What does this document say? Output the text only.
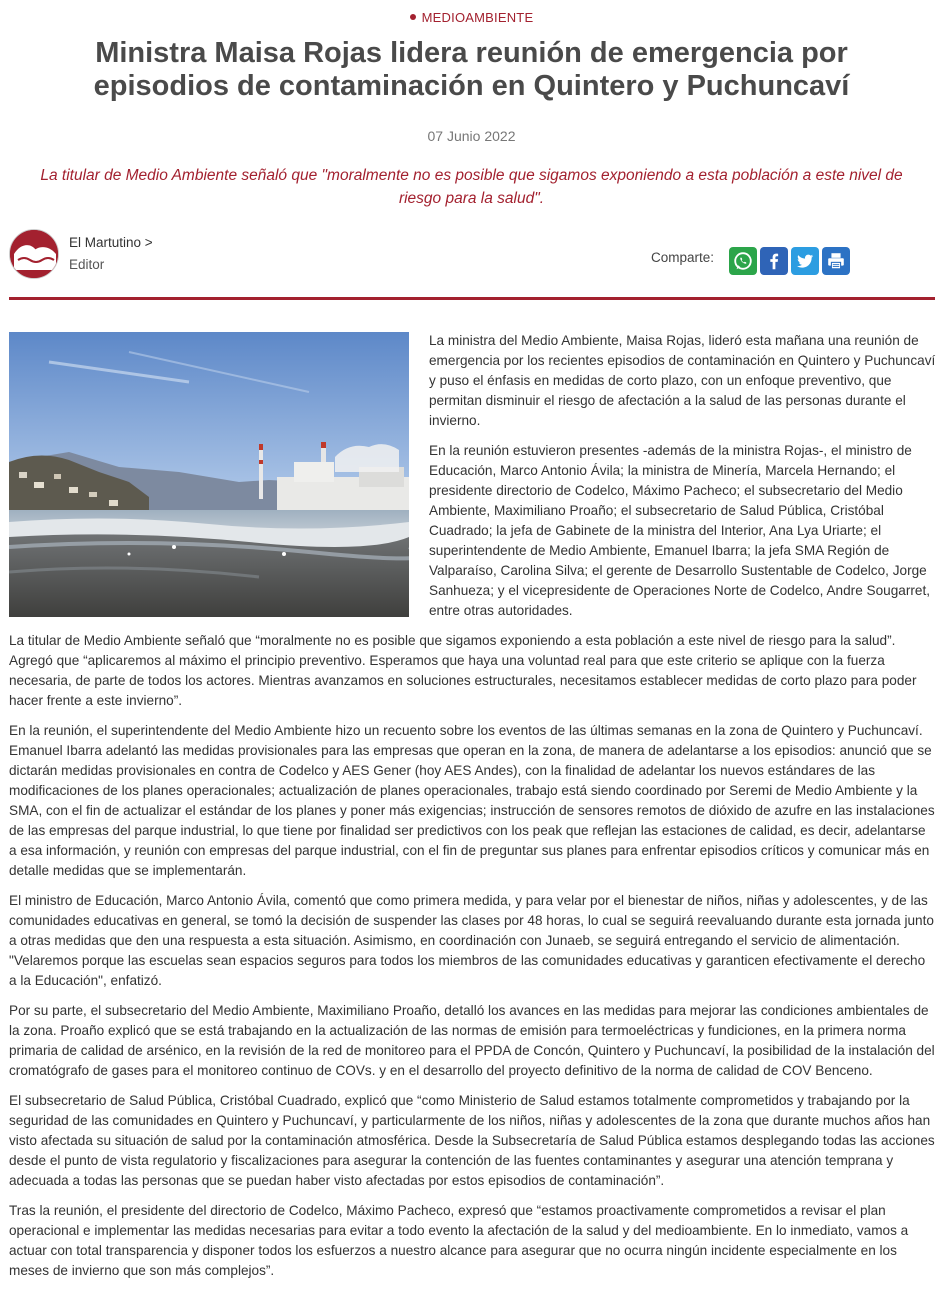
MEDIOAMBIENTE
Ministra Maisa Rojas lidera reunión de emergencia por episodios de contaminación en Quintero y Puchuncaví
07 Junio 2022
La titular de Medio Ambiente señaló que "moralmente no es posible que sigamos exponiendo a esta población a este nivel de riesgo para la salud".
El Martutino >
Editor	Comparte:

La ministra del Medio Ambiente, Maisa Rojas, lideró esta mañana una reunión de emergencia por los recientes episodios de contaminación en Quintero y Puchuncaví y puso el énfasis en medidas de corto plazo, con un enfoque preventivo, que permitan disminuir el riesgo de afectación a la salud de las personas durante el invierno.

En la reunión estuvieron presentes -además de la ministra Rojas-, el ministro de Educación, Marco Antonio Ávila; la ministra de Minería, Marcela Hernando; el presidente directorio de Codelco, Máximo Pacheco; el subsecretario del Medio Ambiente, Maximiliano Proaño; el subsecretario de Salud Pública, Cristóbal Cuadrado; la jefa de Gabinete de la ministra del Interior, Ana Lya Uriarte; el superintendente de Medio Ambiente, Emanuel Ibarra; la jefa SMA Región de Valparaíso, Carolina Silva; el gerente de Desarrollo Sustentable de Codelco, Jorge Sanhueza; y el vicepresidente de Operaciones Norte de Codelco, Andre Sougarret, entre otras autoridades.

La titular de Medio Ambiente señaló que “moralmente no es posible que sigamos exponiendo a esta población a este nivel de riesgo para la salud”. Agregó que “aplicaremos al máximo el principio preventivo. Esperamos que haya una voluntad real para que este criterio se aplique con la fuerza necesaria, de parte de todos los actores. Mientras avanzamos en soluciones estructurales, necesitamos establecer medidas de corto plazo para poder hacer frente a este invierno”.

En la reunión, el superintendente del Medio Ambiente hizo un recuento sobre los eventos de las últimas semanas en la zona de Quintero y Puchuncaví. Emanuel Ibarra adelantó las medidas provisionales para las empresas que operan en la zona, de manera de adelantarse a los episodios: anunció que se dictarán medidas provisionales en contra de Codelco y AES Gener (hoy AES Andes), con la finalidad de adelantar los nuevos estándares de las modificaciones de los planes operacionales; actualización de planes operacionales, trabajo está siendo coordinado por Seremi de Medio Ambiente y la SMA, con el fin de actualizar el estándar de los planes y poner más exigencias; instrucción de sensores remotos de dióxido de azufre en las instalaciones de las empresas del parque industrial, lo que tiene por finalidad ser predictivos con los peak que reflejan las estaciones de calidad, es decir, adelantarse a esa información, y reunión con empresas del parque industrial, con el fin de preguntar sus planes para enfrentar episodios críticos y comunicar más en detalle medidas que se implementarán.

El ministro de Educación, Marco Antonio Ávila, comentó que como primera medida, y para velar por el bienestar de niños, niñas y adolescentes, y de las comunidades educativas en general, se tomó la decisión de suspender las clases por 48 horas, lo cual se seguirá reevaluando durante esta jornada junto a otras medidas que den una respuesta a esta situación. Asimismo, en coordinación con Junaeb, se seguirá entregando el servicio de alimentación. "Velaremos porque las escuelas sean espacios seguros para todos los miembros de las comunidades educativas y garanticen efectivamente el derecho a la Educación", enfatizó.

Por su parte, el subsecretario del Medio Ambiente, Maximiliano Proaño, detalló los avances en las medidas para mejorar las condiciones ambientales de la zona. Proaño explicó que se está trabajando en la actualización de las normas de emisión para termoeléctricas y fundiciones, en la primera norma primaria de calidad de arsénico, en la revisión de la red de monitoreo para el PPDA de Concón, Quintero y Puchuncaví, la posibilidad de la instalación del cromatógrafo de gases para el monitoreo continuo de COVs. y en el desarrollo del proyecto definitivo de la norma de calidad de COV Benceno.

El subsecretario de Salud Pública, Cristóbal Cuadrado, explicó que “como Ministerio de Salud estamos totalmente comprometidos y trabajando por la seguridad de las comunidades en Quintero y Puchuncaví, y particularmente de los niños, niñas y adolescentes de la zona que durante muchos años han visto afectada su situación de salud por la contaminación atmosférica. Desde la Subsecretaría de Salud Pública estamos desplegando todas las acciones desde el punto de vista regulatorio y fiscalizaciones para asegurar la contención de las fuentes contaminantes y asegurar una atención temprana y adecuada a todas las personas que se puedan haber visto afectadas por estos episodios de contaminación”.

Tras la reunión, el presidente del directorio de Codelco, Máximo Pacheco, expresó que “estamos proactivamente comprometidos a revisar el plan operacional e implementar las medidas necesarias para evitar a todo evento la afectación de la salud y del medioambiente. En lo inmediato, vamos a actuar con total transparencia y disponer todos los esfuerzos a nuestro alcance para asegurar que no ocurra ningún incidente especialmente en los meses de invierno que son más complejos”.
